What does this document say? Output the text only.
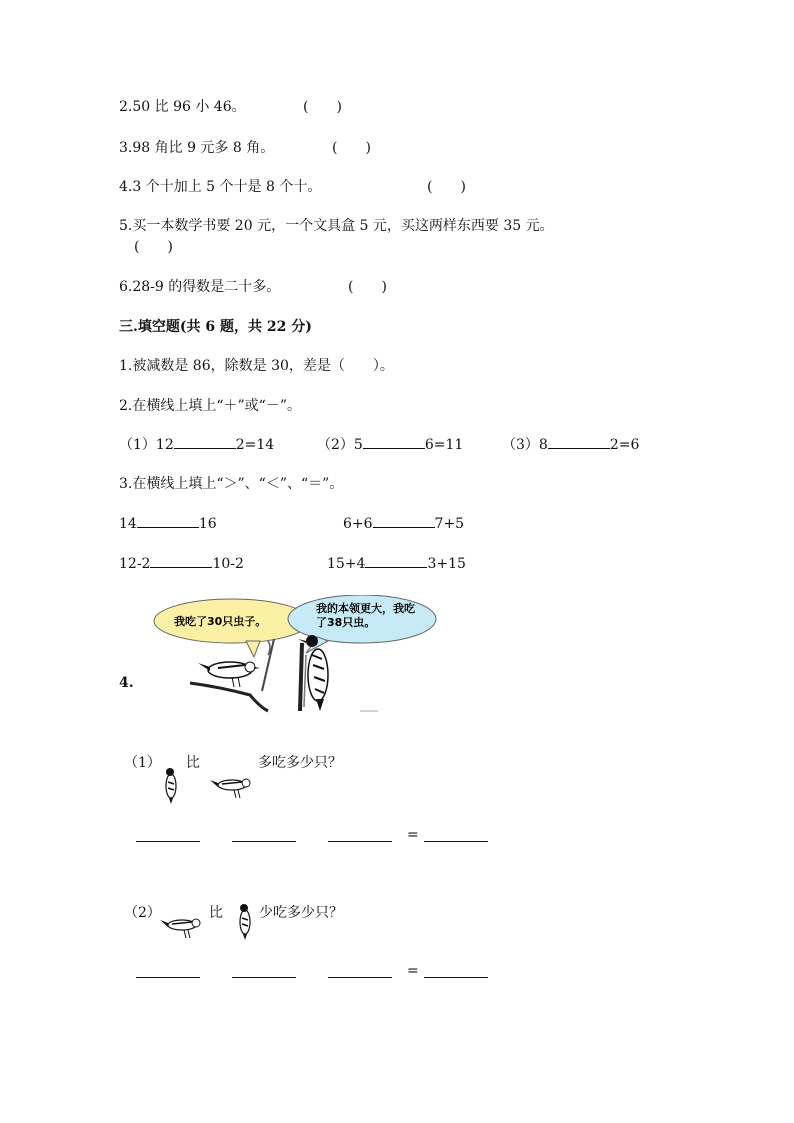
2.50 比 96 小 46。	(　　)
3.98 角比 9 元多 8 角。	(　　)
4.3 个十加上 5 个十是 8 个十。	(　　)
5.买一本数学书要 20 元，一个文具盒 5 元，买这两样东西要 35 元。
(　　)
6.28-9 的得数是二十多。	(　　)
三.填空题(共 6 题，共 22 分)
1.被减数是 86，除数是 30，差是（　　）。
2.在横线上填上“＋”或“－”。
（1）12	2=14	（2）5	6=11	（3）8	2=6
3.在横线上填上“＞”、“＜”、“＝”。
14	16	6+6	7+5
12-2	10-2	15+4	3+15
4.
我吃了30只虫子。
我的本领更大，我吃
了38只虫。
（1） 比	多吃多少只？
=
（2）	比	少吃多少只？
=
